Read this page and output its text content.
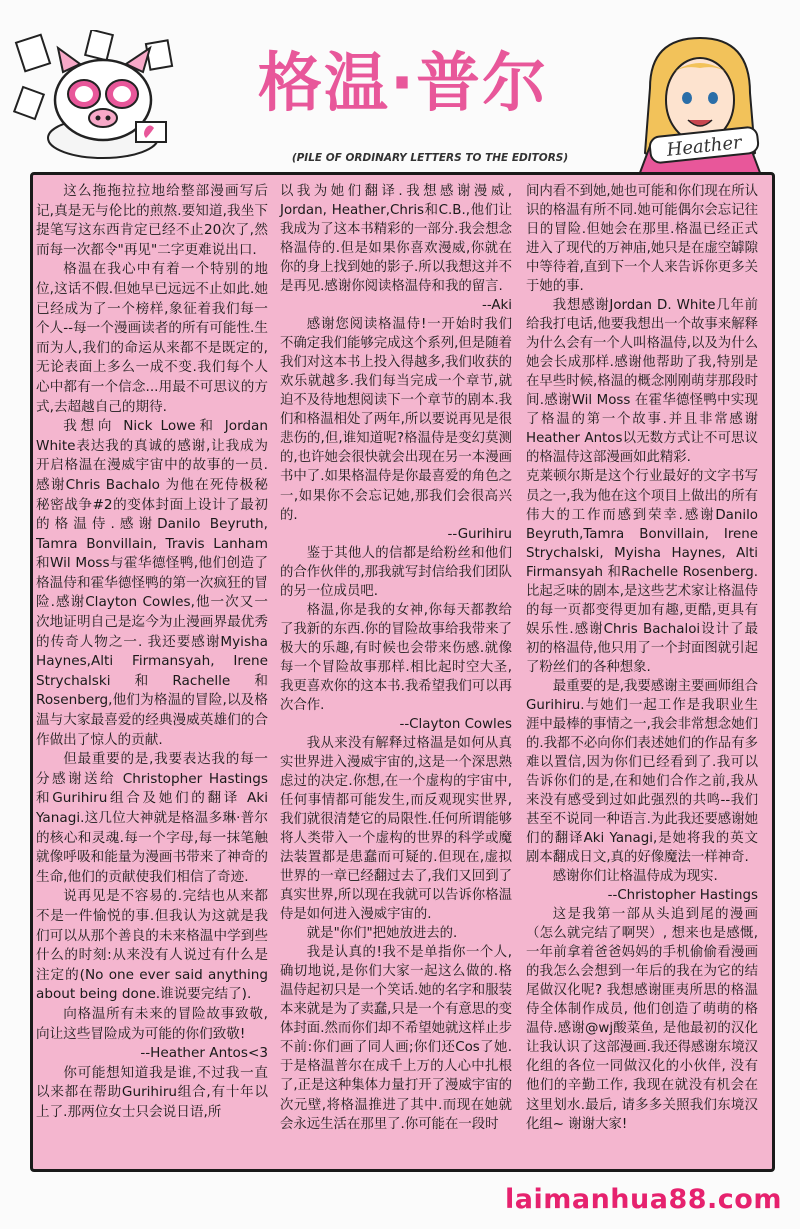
格温·普尔
(PILE OF ORDINARY LETTERS TO THE EDITORS)	Heather

这么拖拖拉拉地给整部漫画写后记,真是无与伦比的煎熬.要知道,我坐下提笔写这东西肯定已经不止20次了,然而每一次都令"再见"二字更难说出口.

格温在我心中有着一个特别的地位,这话不假.但她早已远远不止如此.她已经成为了一个榜样,象征着我们每一个人--每一个漫画读者的所有可能性.生而为人,我们的命运从来都不是既定的,无论表面上多么一成不变.我们每个人心中都有一个信念...用最不可思议的方式,去超越自己的期待.

我想向 Nick Lowe和 Jordan White表达我的真诚的感谢,让我成为开启格温在漫威宇宙中的故事的一员.感谢Chris Bachalo 为他在死侍极秘秘密战争#2的变体封面上设计了最初的格温侍.感谢Danilo Beyruth, Tamra Bonvillain, Travis Lanham和Wil Moss与霍华德怪鸭,他们创造了格温侍和霍华德怪鸭的第一次疯狂的冒险.感谢Clayton Cowles,他一次又一次地证明自己是迄今为止漫画界最优秀的传奇人物之一. 我还要感谢Myisha Haynes,Alti Firmansyah, Irene Strychalski和Rachelle和Rosenberg,他们为格温的冒险,以及格温与大家最喜爱的经典漫威英雄们的合作做出了惊人的贡献.

但最重要的是,我要表达我的每一分感谢送给 Christopher Hastings 和Gurihiru组合及她们的翻译 Aki Yanagi.这几位大神就是格温多琳·普尔的核心和灵魂.每一个字母,每一抹笔触就像呼吸和能量为漫画书带来了神奇的生命,他们的贡献使我们相信了奇迹.

说再见是不容易的.完结也从来都不是一件愉悦的事.但我认为这就是我们可以从那个善良的未来格温中学到些什么的时刻:从来没有人说过有什么是注定的(No one ever said anything about being done.谁说要完结了).

向格温所有未来的冒险故事致敬,向让这些冒险成为可能的你们致敬!

--Heather Antos<3

你可能想知道我是谁,不过我一直以来都在帮助Gurihiru组合,有十年以上了.那两位女士只会说日语,所

以我为她们翻译.我想感谢漫威, Jordan, Heather,Chris和C.B.,他们让我成为了这本书精彩的一部分.我会想念格温侍的.但是如果你喜欢漫威,你就在你的身上找到她的影子.所以我想这并不是再见.感谢你阅读格温侍和我的留言.

--Aki

感谢您阅读格温侍!一开始时我们不确定我们能够完成这个系列,但是随着我们对这本书上投入得越多,我们收获的欢乐就越多.我们每当完成一个章节,就迫不及待地想阅读下一个章节的剧本.我们和格温相处了两年,所以要说再见是很悲伤的,但,谁知道呢?格温侍是变幻莫测的,也许她会很快就会出现在另一本漫画书中了.如果格温侍是你最喜爱的角色之一,如果你不会忘记她,那我们会很高兴的.

--Gurihiru

鉴于其他人的信都是给粉丝和他们的合作伙伴的,那我就写封信给我们团队的另一位成员吧.

格温,你是我的女神,你每天都教给了我新的东西.你的冒险故事给我带来了极大的乐趣,有时候也会带来伤感.就像每一个冒险故事那样.相比起时空大圣,我更喜欢你的这本书.我希望我们可以再次合作.

--Clayton Cowles

我从来没有解释过格温是如何从真实世界进入漫威宇宙的,这是一个深思熟虑过的决定.你想,在一个虚构的宇宙中,任何事情都可能发生,而反观现实世界,我们就很清楚它的局限性.任何所谓能够将人类带入一个虚构的世界的科学或魔法装置都是患蠢而可疑的.但现在,虚拟世界的一章已经翻过去了,我们又回到了真实世界,所以现在我就可以告诉你格温侍是如何进入漫威宇宙的.

就是"你们"把她放进去的.

我是认真的!我不是单指你一个人,确切地说,是你们大家一起这么做的.格温侍起初只是一个笑话.她的名字和服装本来就是为了卖蠢,只是一个有意思的变体封面.然而你们却不希望她就这样止步不前:你们画了同人画;你们还Cos了她.于是格温普尔在成千上万的人心中扎根了,正是这种集体力量打开了漫威宇宙的次元壁,将格温推进了其中.而现在她就会永远生活在那里了.你可能在一段时

间内看不到她,她也可能和你们现在所认识的格温有所不同.她可能偶尔会忘记往日的冒险.但她会在那里.格温已经正式进入了现代的万神庙,她只是在虚空罅隙中等待着,直到下一个人来告诉你更多关于她的事.

我想感谢Jordan D. White几年前给我打电话,他要我想出一个故事来解释为什么会有一个人叫格温侍,以及为什么她会长成那样.感谢他帮助了我,特别是在早些时候,格温的概念刚刚萌芽那段时间.感谢Wil Moss 在霍华德怪鸭中实现了格温的第一个故事.并且非常感谢Heather Antos以无数方式让不可思议的格温侍这部漫画如此精彩.

克莱顿尔斯是这个行业最好的文字书写员之一,我为他在这个项目上做出的所有伟大的工作而感到荣幸.感谢Danilo Beyruth,Tamra Bonvillain, Irene Strychalski, Myisha Haynes, Alti Firmansyah 和Rachelle Rosenberg. 比起乏味的剧本,是这些艺术家让格温侍的每一页都变得更加有趣,更酷,更具有娱乐性.感谢Chris Bachaloi设计了最初的格温侍,他只用了一个封面图就引起了粉丝们的各种想象.

最重要的是,我要感谢主要画师组合Gurihiru.与她们一起工作是我职业生涯中最棒的事情之一,我会非常想念她们的.我都不必向你们表述她们的作品有多难以置信,因为你们已经看到了.我可以告诉你们的是,在和她们合作之前,我从来没有感受到过如此强烈的共鸣--我们甚至不说同一种语言.为此我还要感谢她们的翻译Aki Yanagi,是她将我的英文剧本翻成日文,真的好像魔法一样神奇.

感谢你们让格温侍成为现实.

--Christopher Hastings

这是我第一部从头追到尾的漫画（怎么就完结了啊哭）, 想来也是感慨, 一年前拿着爸爸妈妈的手机偷偷看漫画的我怎么会想到一年后的我在为它的结尾做汉化呢? 我想感谢匪夷所思的格温侍全体制作成员, 他们创造了萌萌的格温侍.感谢@wj酸菜鱼, 是他最初的汉化让我认识了这部漫画.我还得感谢东境汉化组的各位一同做汉化的小伙伴, 没有他们的辛勤工作, 我现在就没有机会在这里划水.最后, 请多多关照我们东境汉化组~ 谢谢大家!

laimanhua88.com
